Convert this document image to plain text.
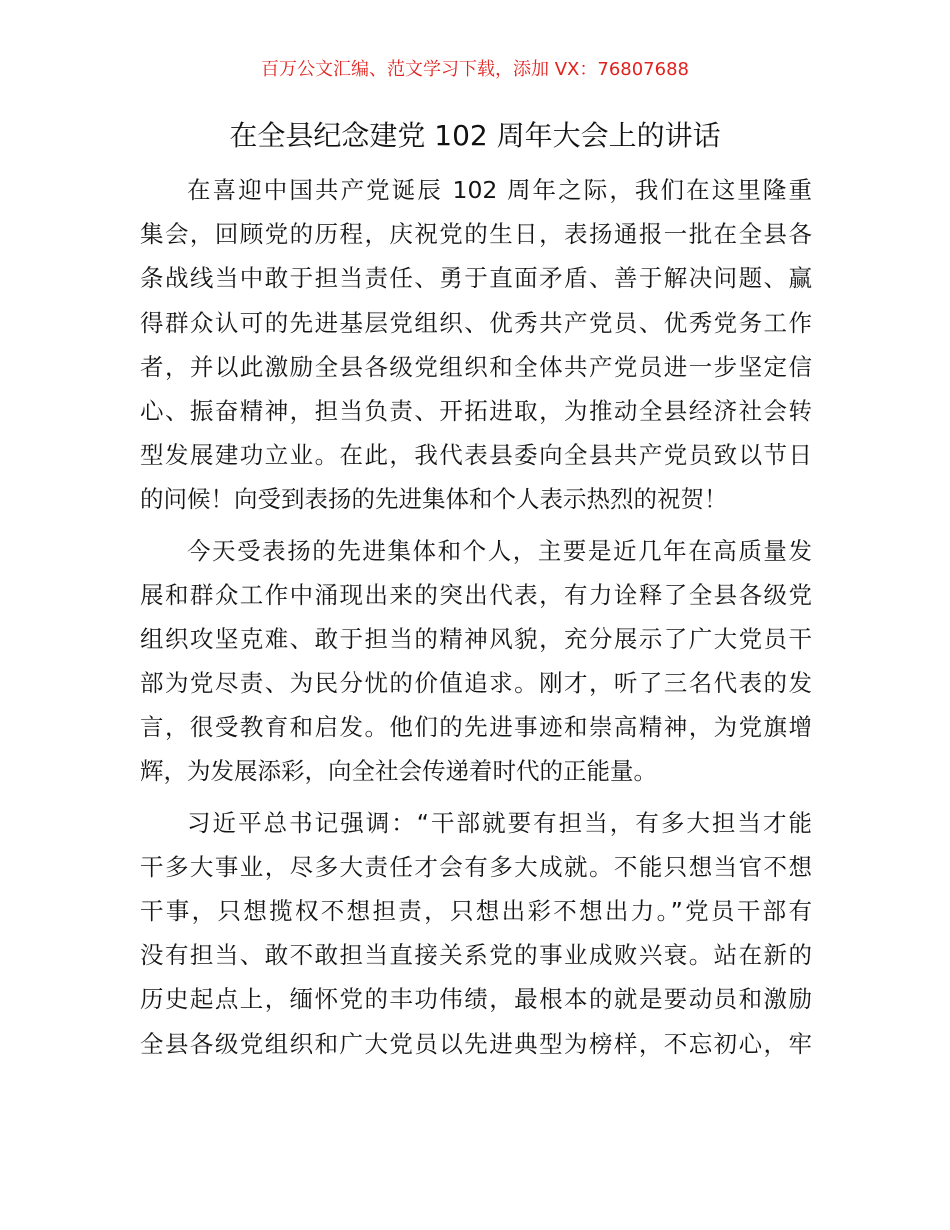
百万公文汇编、范文学习下载，添加 VX：76807688
在全县纪念建党 102 周年大会上的讲话
在喜迎中国共产党诞辰 102 周年之际，我们在这里隆重
集会，回顾党的历程，庆祝党的生日，表扬通报一批在全县各
条战线当中敢于担当责任、勇于直面矛盾、善于解决问题、赢
得群众认可的先进基层党组织、优秀共产党员、优秀党务工作
者，并以此激励全县各级党组织和全体共产党员进一步坚定信
心、振奋精神，担当负责、开拓进取，为推动全县经济社会转
型发展建功立业。在此，我代表县委向全县共产党员致以节日
的问候！向受到表扬的先进集体和个人表示热烈的祝贺！
今天受表扬的先进集体和个人，主要是近几年在高质量发
展和群众工作中涌现出来的突出代表，有力诠释了全县各级党
组织攻坚克难、敢于担当的精神风貌，充分展示了广大党员干
部为党尽责、为民分忧的价值追求。刚才，听了三名代表的发
言，很受教育和启发。他们的先进事迹和崇高精神，为党旗增
辉，为发展添彩，向全社会传递着时代的正能量。
习近平总书记强调：“干部就要有担当，有多大担当才能
干多大事业，尽多大责任才会有多大成就。不能只想当官不想
干事，只想揽权不想担责，只想出彩不想出力。”党员干部有
没有担当、敢不敢担当直接关系党的事业成败兴衰。站在新的
历史起点上，缅怀党的丰功伟绩，最根本的就是要动员和激励
全县各级党组织和广大党员以先进典型为榜样，不忘初心，牢
